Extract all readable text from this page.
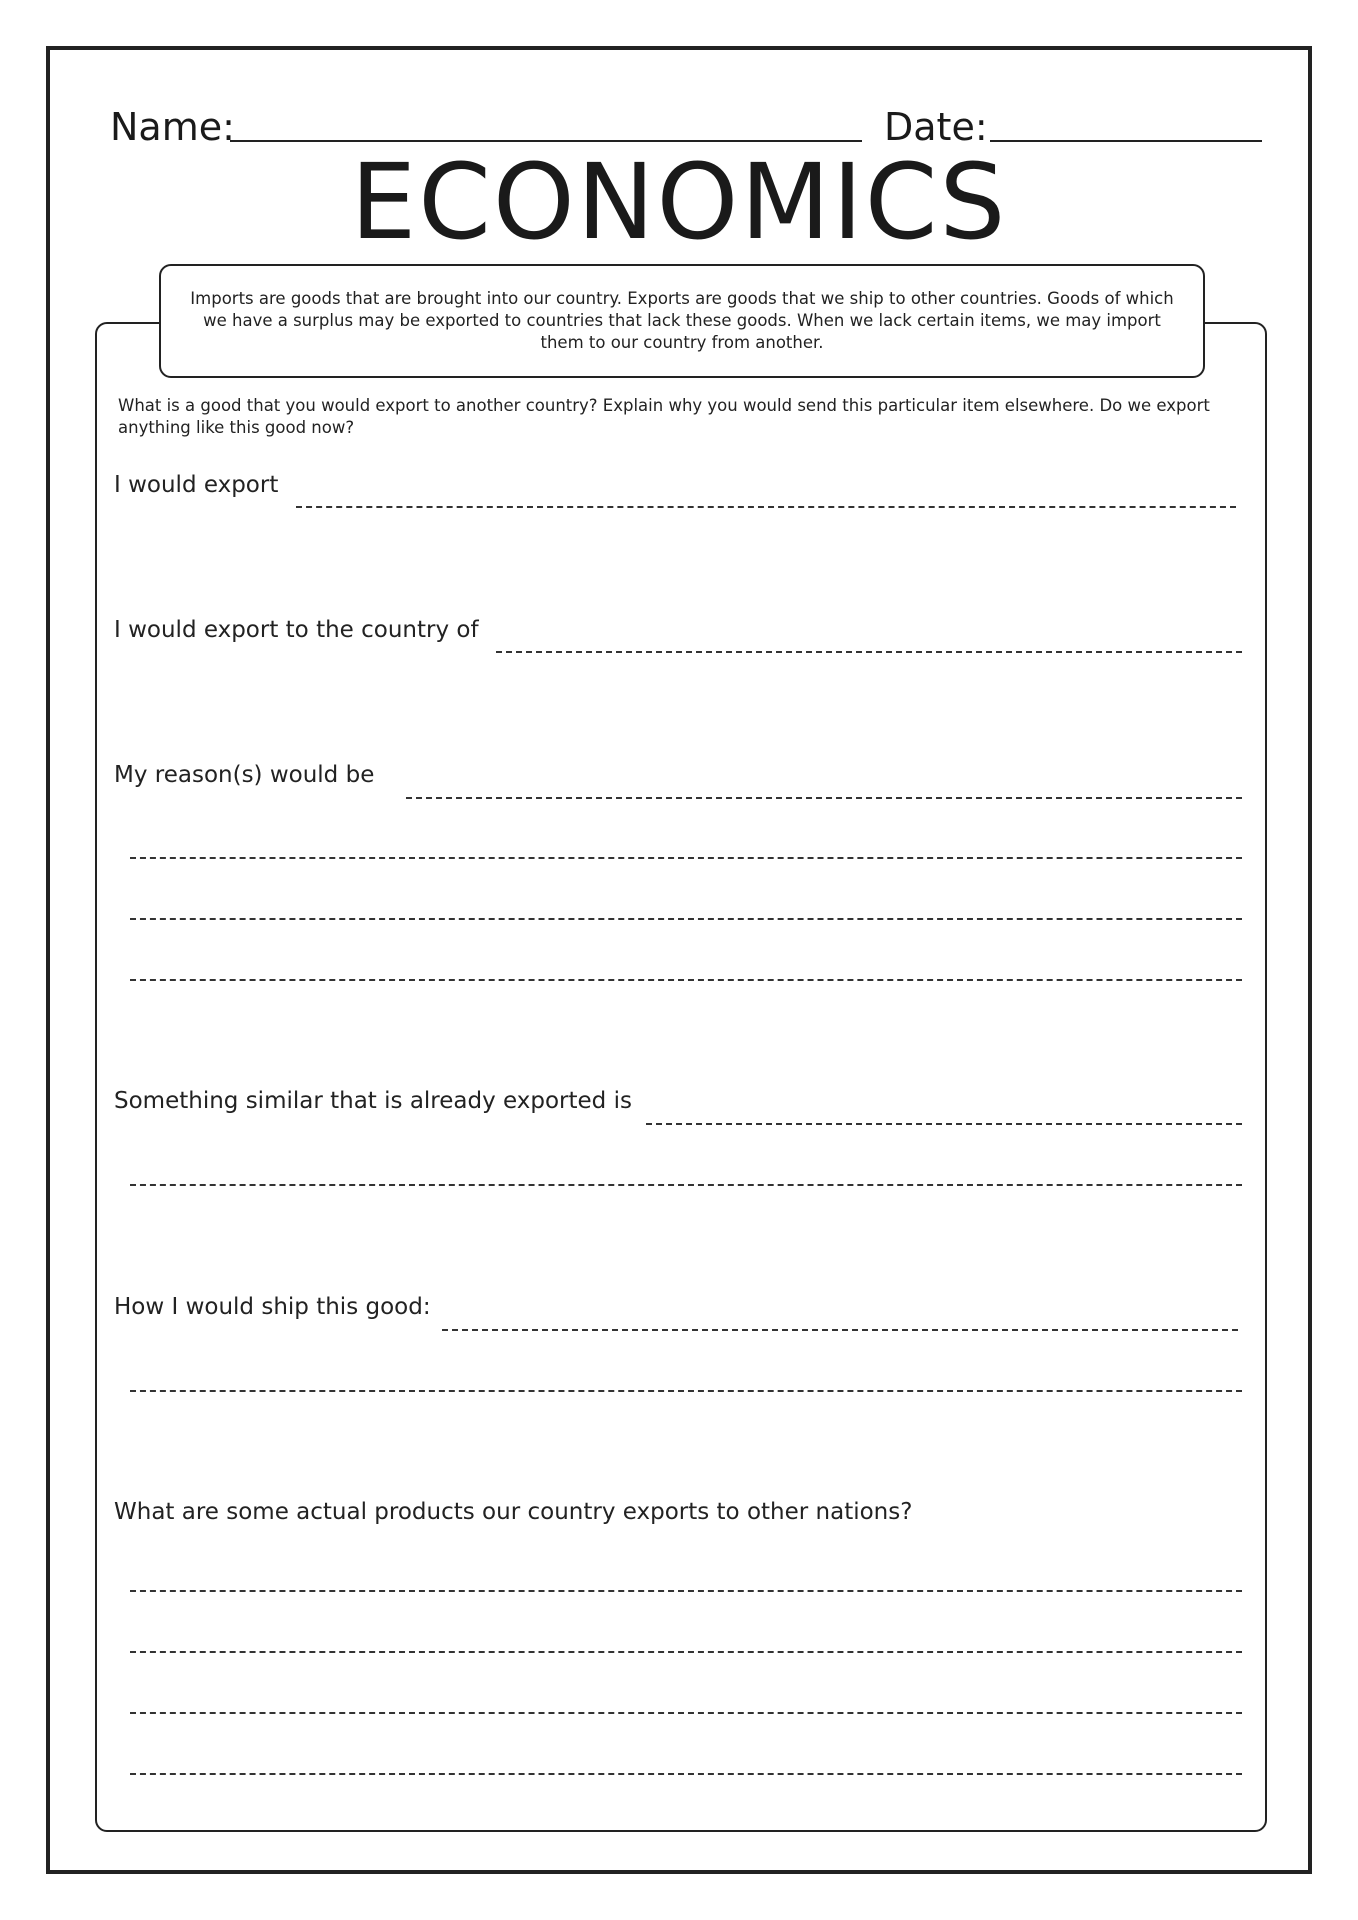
Name:	Date:
ECONOMICS
Imports are goods that are brought into our country. Exports are goods that we ship to other countries. Goods of which we have a surplus may be exported to countries that lack these goods. When we lack certain items, we may import them to our country from another.
What is a good that you would export to another country? Explain why you would send this particular item elsewhere. Do we export anything like this good now?
I would export
I would export to the country of
My reason(s) would be
Something similar that is already exported is
How I would ship this good:
What are some actual products our country exports to other nations?
